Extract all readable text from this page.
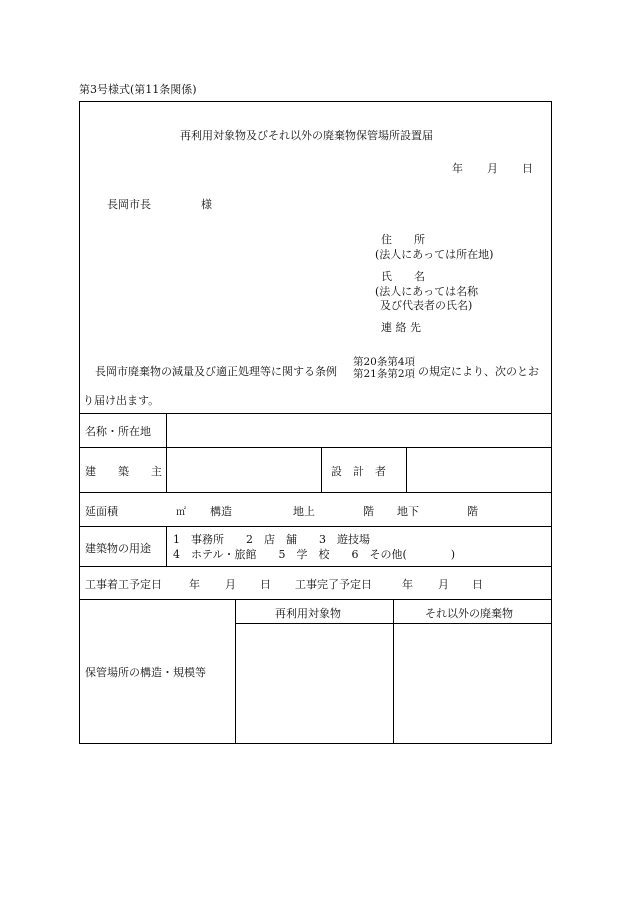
第3号様式(第11条関係)
再利用対象物及びそれ以外の廃棄物保管場所設置届
年 月 日
長岡市長	様
住　　所
(法人にあっては所在地)
氏　　名
(法人にあっては名称
及び代表者の氏名)
連 絡 先
長岡市廃棄物の減量及び適正処理等に関する条例
第20条第4項
第21条第2項 の規定により、次のとお
り届け出ます。
名称・所在地
建　　築　　主	設　計　者
延面積	㎡ 構造	地上	階 地下	階
建築物の用途
1　事務所　　2　店　舗　　3　遊技場
4　ホテル・旅館　　5　学　校　　6　その他(　　　　)
工事着工予定日 年 月 日 工事完了予定日	年 月 日
保管場所の構造・規模等
再利用対象物	それ以外の廃棄物
